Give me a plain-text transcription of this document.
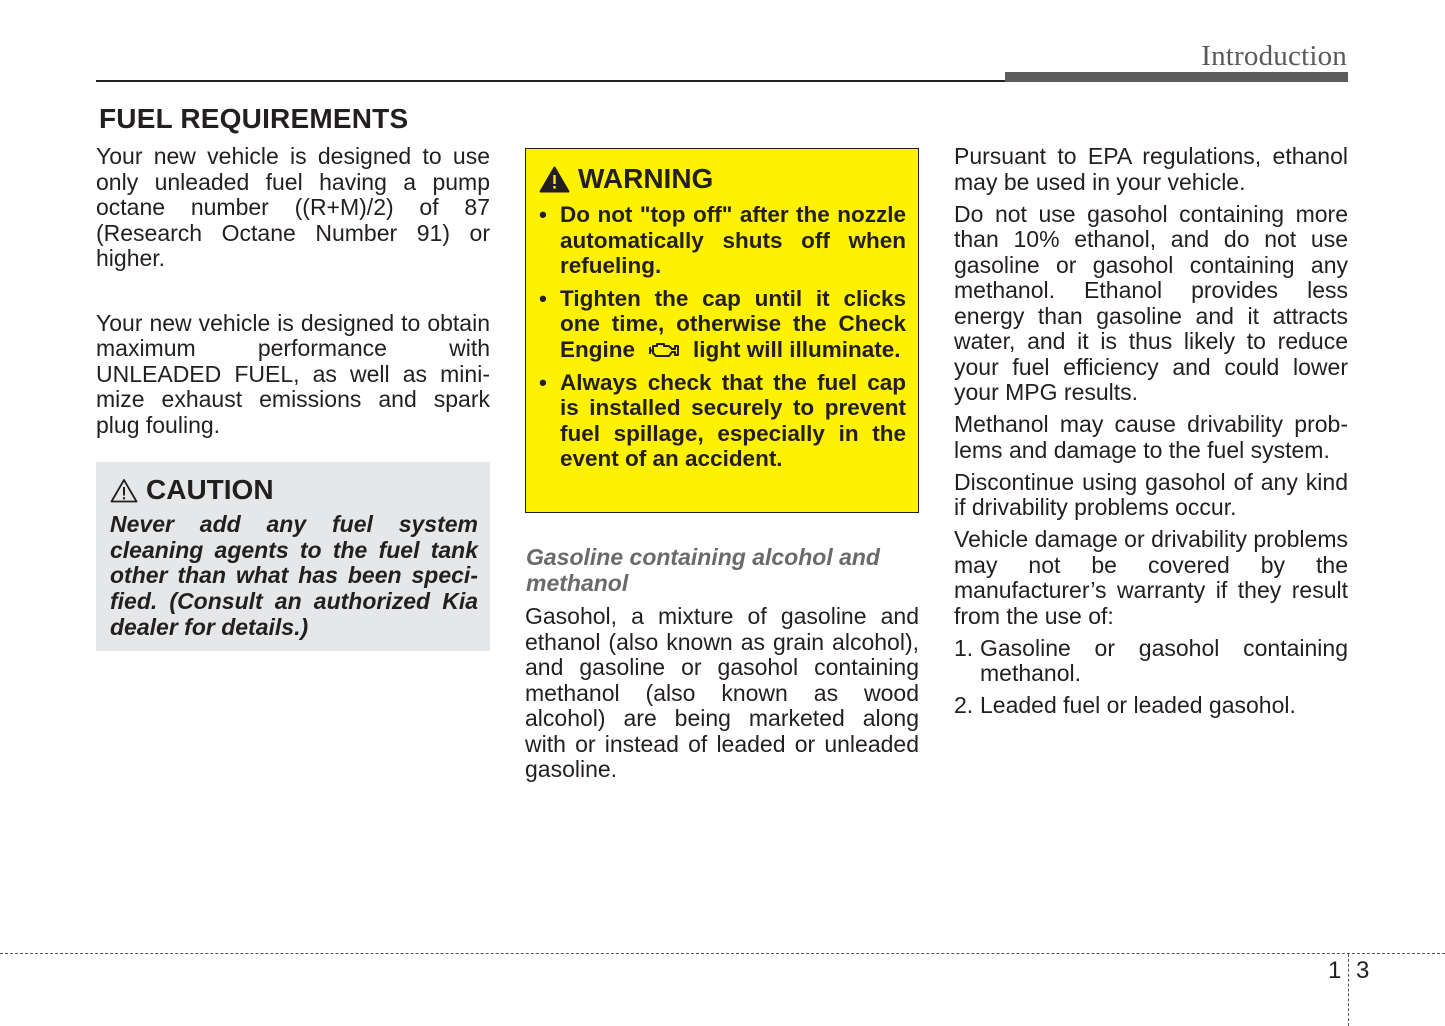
Introduction
FUEL REQUIREMENTS

Your new vehicle is designed to use only unleaded fuel having a pump octane number ((R+M)/2) of 87 (Research Octane Number 91) or higher.

Your new vehicle is designed to obtain maximum performance with UNLEADED FUEL, as well as minimize exhaust emissions and spark plug fouling.

CAUTION
Never add any fuel system cleaning agents to the fuel tank other than what has been specified. (Consult an authorized Kia dealer for details.)
WARNING
• Do not "top off" after the nozzle automatically shuts off when refueling.
• Tighten the cap until it clicks one time, otherwise the Check Engine	light will illuminate.
• Always check that the fuel cap is installed securely to prevent fuel spillage, especially in the event of an accident.
Gasoline containing alcohol and methanol

Gasohol, a mixture of gasoline and ethanol (also known as grain alcohol), and gasoline or gasohol containing methanol (also known as wood alcohol) are being marketed along with or instead of leaded or unleaded gasoline.

Pursuant to EPA regulations, ethanol may be used in your vehicle.

Do not use gasohol containing more than 10% ethanol, and do not use gasoline or gasohol containing any methanol. Ethanol provides less energy than gasoline and it attracts water, and it is thus likely to reduce your fuel efficiency and could lower your MPG results.

Methanol may cause drivability problems and damage to the fuel system.

Discontinue using gasohol of any kind if drivability problems occur.

Vehicle damage or drivability problems may not be covered by the manufacturer’s warranty if they result from the use of:

1. Gasoline or gasohol containing methanol.
2. Leaded fuel or leaded gasohol.
1 3
